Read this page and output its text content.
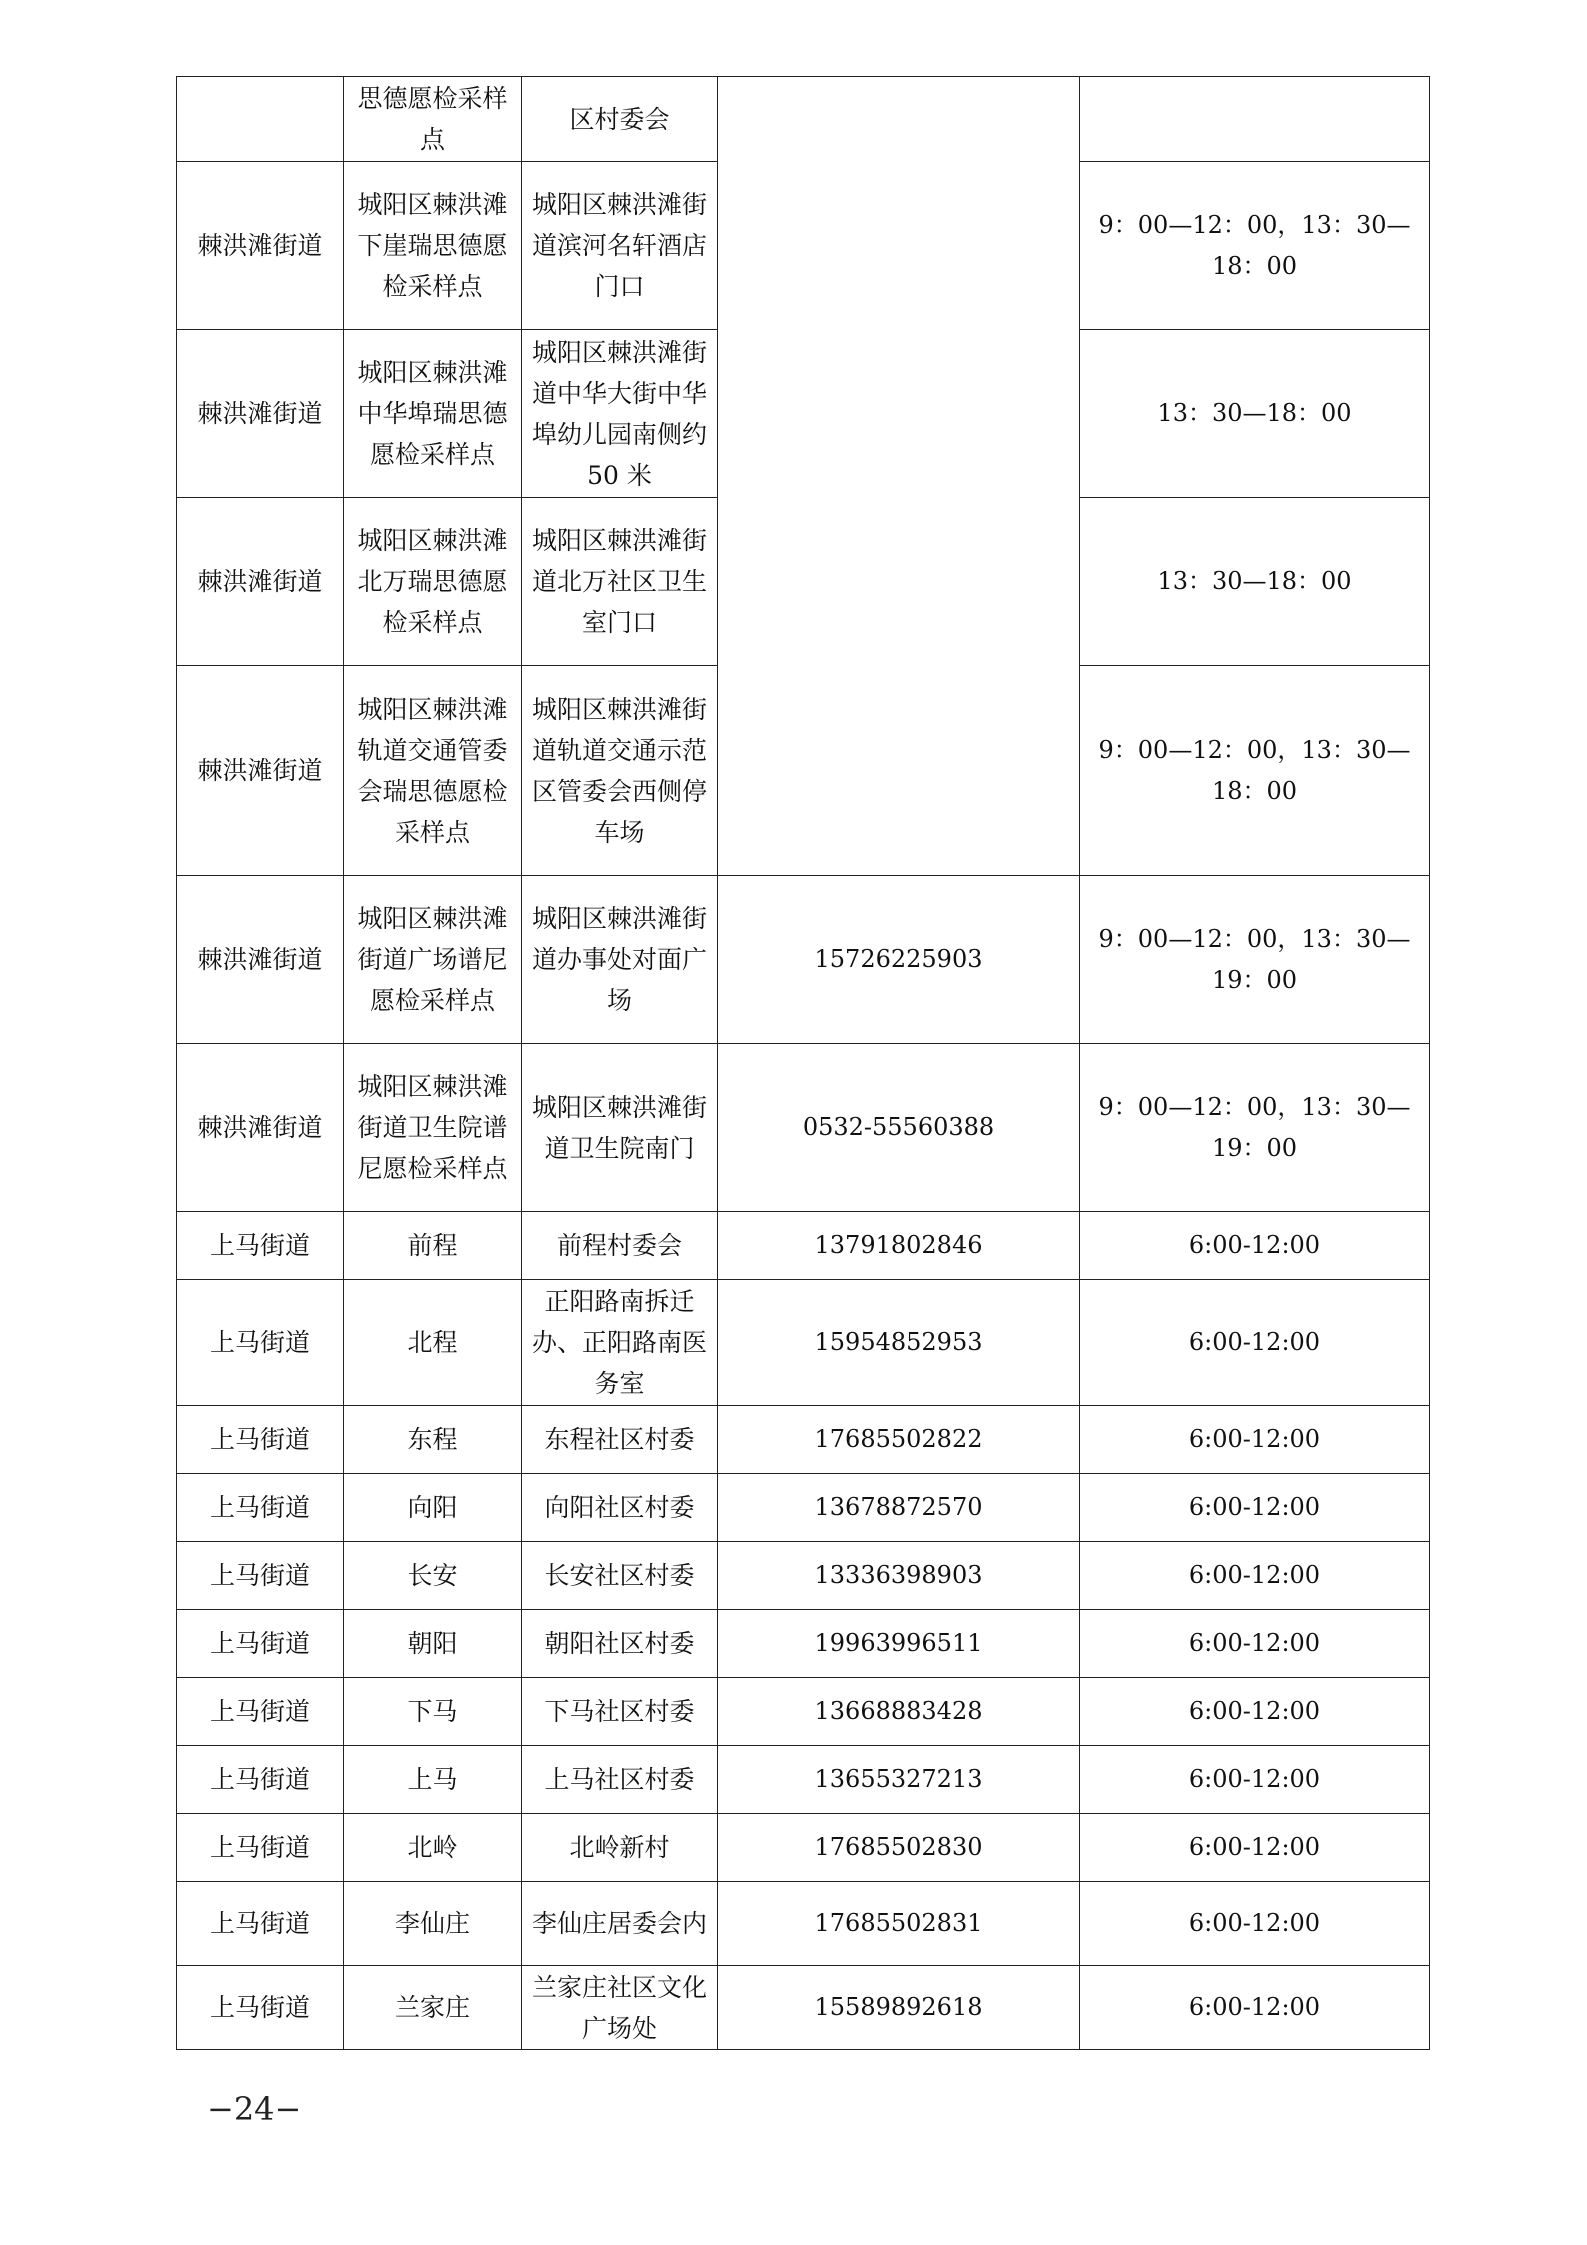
	思德愿检采样点	区村委会		
棘洪滩街道	城阳区棘洪滩下崖瑞思德愿检采样点	城阳区棘洪滩街道滨河名轩酒店门口		9：00—12：00，13：30—18：00
棘洪滩街道	城阳区棘洪滩中华埠瑞思德愿检采样点	城阳区棘洪滩街道中华大街中华埠幼儿园南侧约 50 米		13：30—18：00
棘洪滩街道	城阳区棘洪滩北万瑞思德愿检采样点	城阳区棘洪滩街道北万社区卫生室门口		13：30—18：00
棘洪滩街道	城阳区棘洪滩轨道交通管委会瑞思德愿检采样点	城阳区棘洪滩街道轨道交通示范区管委会西侧停车场		9：00—12：00，13：30—18：00
棘洪滩街道	城阳区棘洪滩街道广场谱尼愿检采样点	城阳区棘洪滩街道办事处对面广场	15726225903	9：00—12：00，13：30—19：00
棘洪滩街道	城阳区棘洪滩街道卫生院谱尼愿检采样点	城阳区棘洪滩街道卫生院南门	0532-55560388	9：00—12：00，13：30—19：00
上马街道	前程	前程村委会	13791802846	6:00-12:00
上马街道	北程	正阳路南拆迁办、正阳路南医务室	15954852953	6:00-12:00
上马街道	东程	东程社区村委	17685502822	6:00-12:00
上马街道	向阳	向阳社区村委	13678872570	6:00-12:00
上马街道	长安	长安社区村委	13336398903	6:00-12:00
上马街道	朝阳	朝阳社区村委	19963996511	6:00-12:00
上马街道	下马	下马社区村委	13668883428	6:00-12:00
上马街道	上马	上马社区村委	13655327213	6:00-12:00
上马街道	北岭	北岭新村	17685502830	6:00-12:00
上马街道	李仙庄	李仙庄居委会内	17685502831	6:00-12:00
上马街道	兰家庄	兰家庄社区文化广场处	15589892618	6:00-12:00
−24−
